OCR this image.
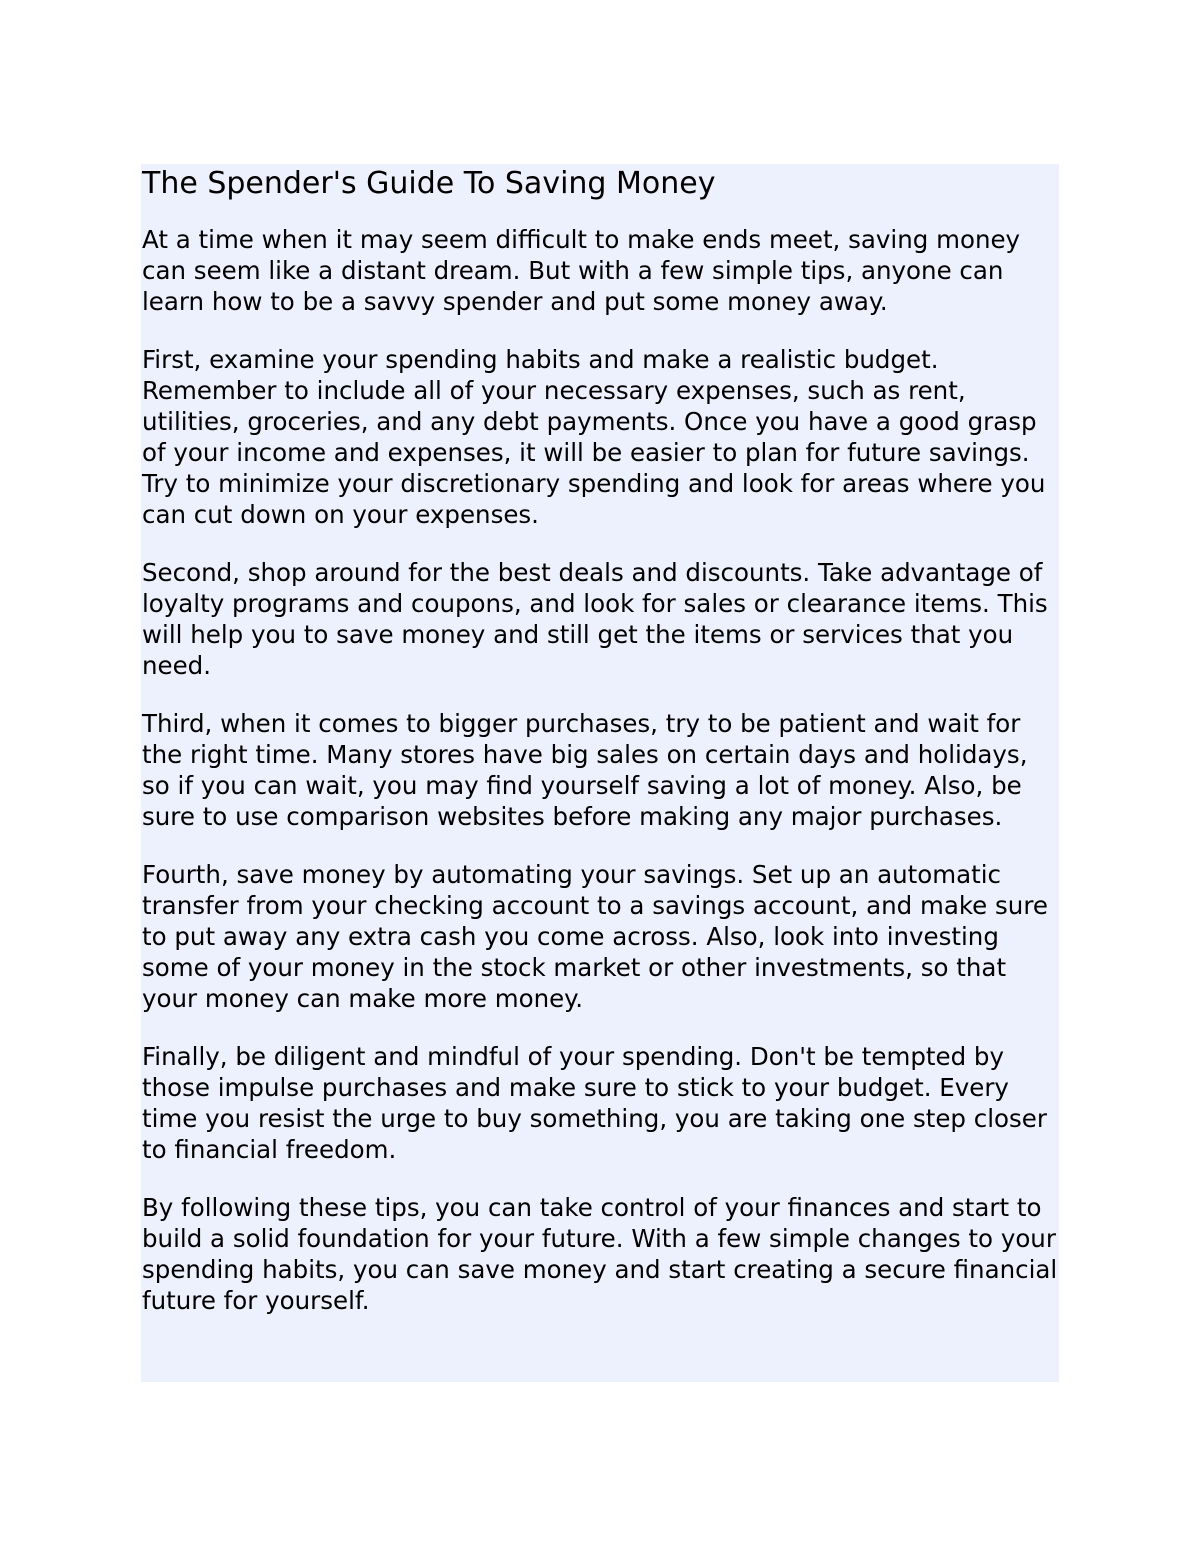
The Spender's Guide To Saving Money

At a time when it may seem difficult to make ends meet, saving money can seem like a distant dream. But with a few simple tips, anyone can learn how to be a savvy spender and put some money away.

First, examine your spending habits and make a realistic budget. Remember to include all of your necessary expenses, such as rent, utilities, groceries, and any debt payments. Once you have a good grasp of your income and expenses, it will be easier to plan for future savings. Try to minimize your discretionary spending and look for areas where you can cut down on your expenses.

Second, shop around for the best deals and discounts. Take advantage of loyalty programs and coupons, and look for sales or clearance items. This will help you to save money and still get the items or services that you need.

Third, when it comes to bigger purchases, try to be patient and wait for the right time. Many stores have big sales on certain days and holidays, so if you can wait, you may find yourself saving a lot of money. Also, be sure to use comparison websites before making any major purchases.

Fourth, save money by automating your savings. Set up an automatic transfer from your checking account to a savings account, and make sure to put away any extra cash you come across. Also, look into investing some of your money in the stock market or other investments, so that your money can make more money.

Finally, be diligent and mindful of your spending. Don't be tempted by those impulse purchases and make sure to stick to your budget. Every time you resist the urge to buy something, you are taking one step closer to financial freedom.

By following these tips, you can take control of your finances and start to build a solid foundation for your future. With a few simple changes to your spending habits, you can save money and start creating a secure financial future for yourself.
